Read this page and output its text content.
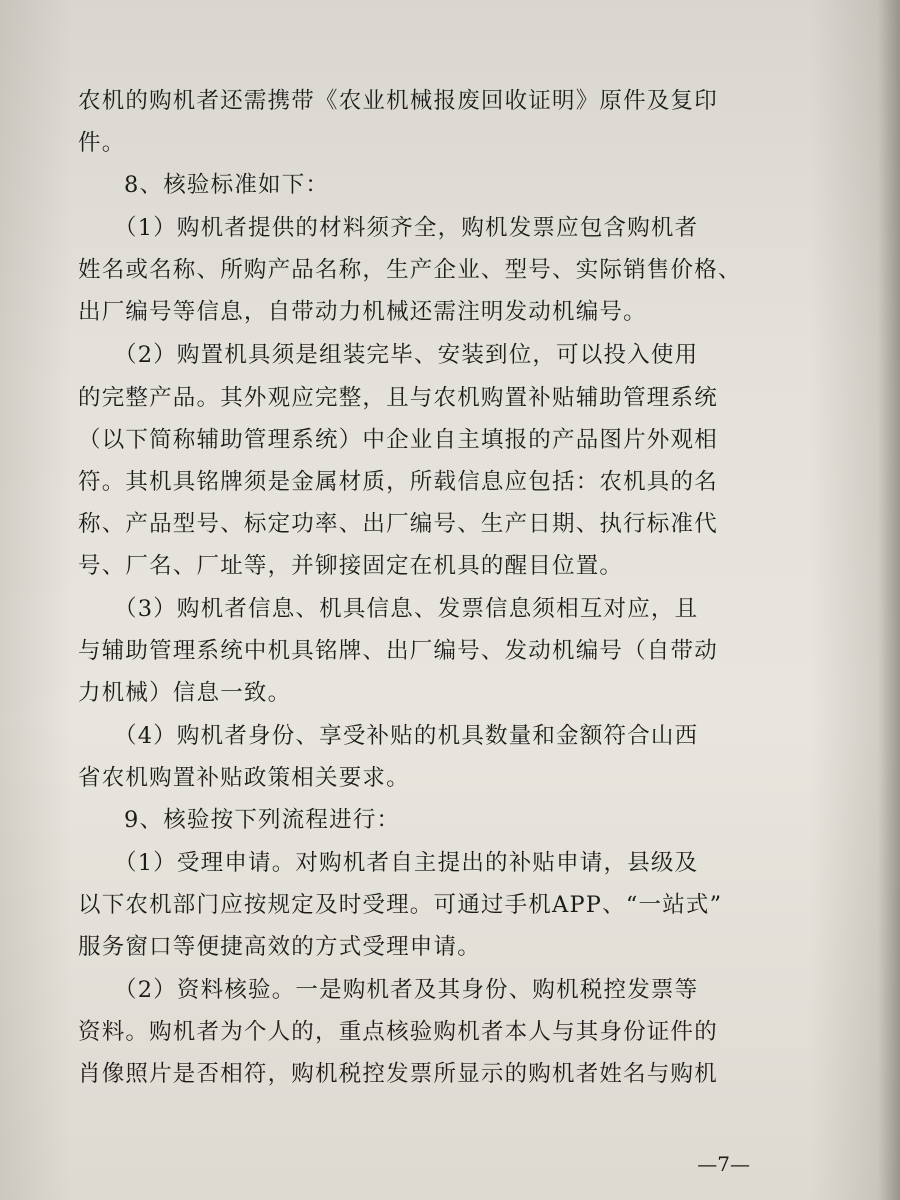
农机的购机者还需携带《农业机械报废回收证明》原件及复印
件。
8、核验标准如下：
（1）购机者提供的材料须齐全，购机发票应包含购机者
姓名或名称、所购产品名称，生产企业、型号、实际销售价格、
出厂编号等信息，自带动力机械还需注明发动机编号。
（2）购置机具须是组装完毕、安装到位，可以投入使用
的完整产品。其外观应完整，且与农机购置补贴辅助管理系统
（以下简称辅助管理系统）中企业自主填报的产品图片外观相
符。其机具铭牌须是金属材质，所载信息应包括：农机具的名
称、产品型号、标定功率、出厂编号、生产日期、执行标准代
号、厂名、厂址等，并铆接固定在机具的醒目位置。
（3）购机者信息、机具信息、发票信息须相互对应，且
与辅助管理系统中机具铭牌、出厂编号、发动机编号（自带动
力机械）信息一致。
（4）购机者身份、享受补贴的机具数量和金额符合山西
省农机购置补贴政策相关要求。
9、核验按下列流程进行：
（1）受理申请。对购机者自主提出的补贴申请，县级及
以下农机部门应按规定及时受理。可通过手机APP、“一站式”
服务窗口等便捷高效的方式受理申请。
（2）资料核验。一是购机者及其身份、购机税控发票等
资料。购机者为个人的，重点核验购机者本人与其身份证件的
肖像照片是否相符，购机税控发票所显示的购机者姓名与购机
—7—
